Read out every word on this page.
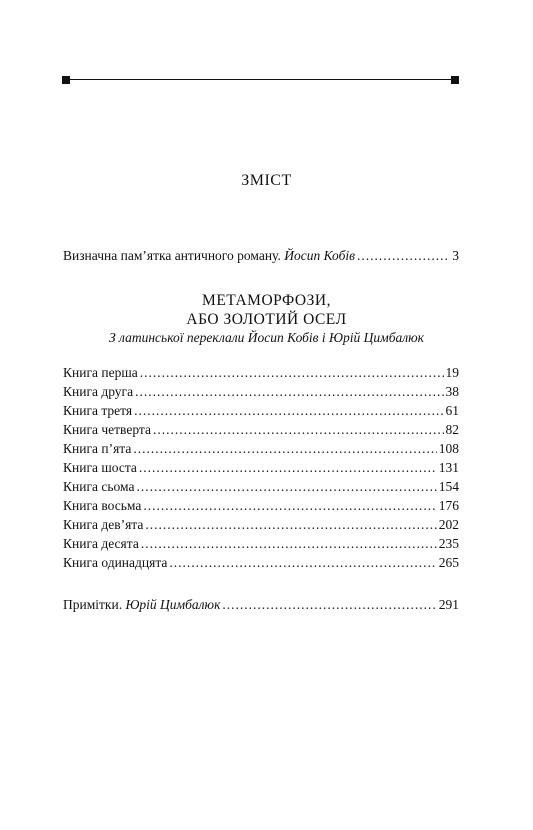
ЗМІСТ
Визначна пам’ятка античного роману. Йосип Кобів .....	3
МЕТАМОРФОЗИ,
АБО ЗОЛОТИЙ ОСЕЛ
З латинської переклали Йосип Кобів і Юрій Цимбалюк
Книга перша .....	19
Книга друга .....	38
Книга третя .....	61
Книга четверта .....	82
Книга п’ята .....	108
Книга шоста .....	131
Книга сьома .....	154
Книга восьма .....	176
Книга дев’ята .....	202
Книга десята .....	235
Книга одинадцята .....	265
Примітки. Юрій Цимбалюк .....	291
